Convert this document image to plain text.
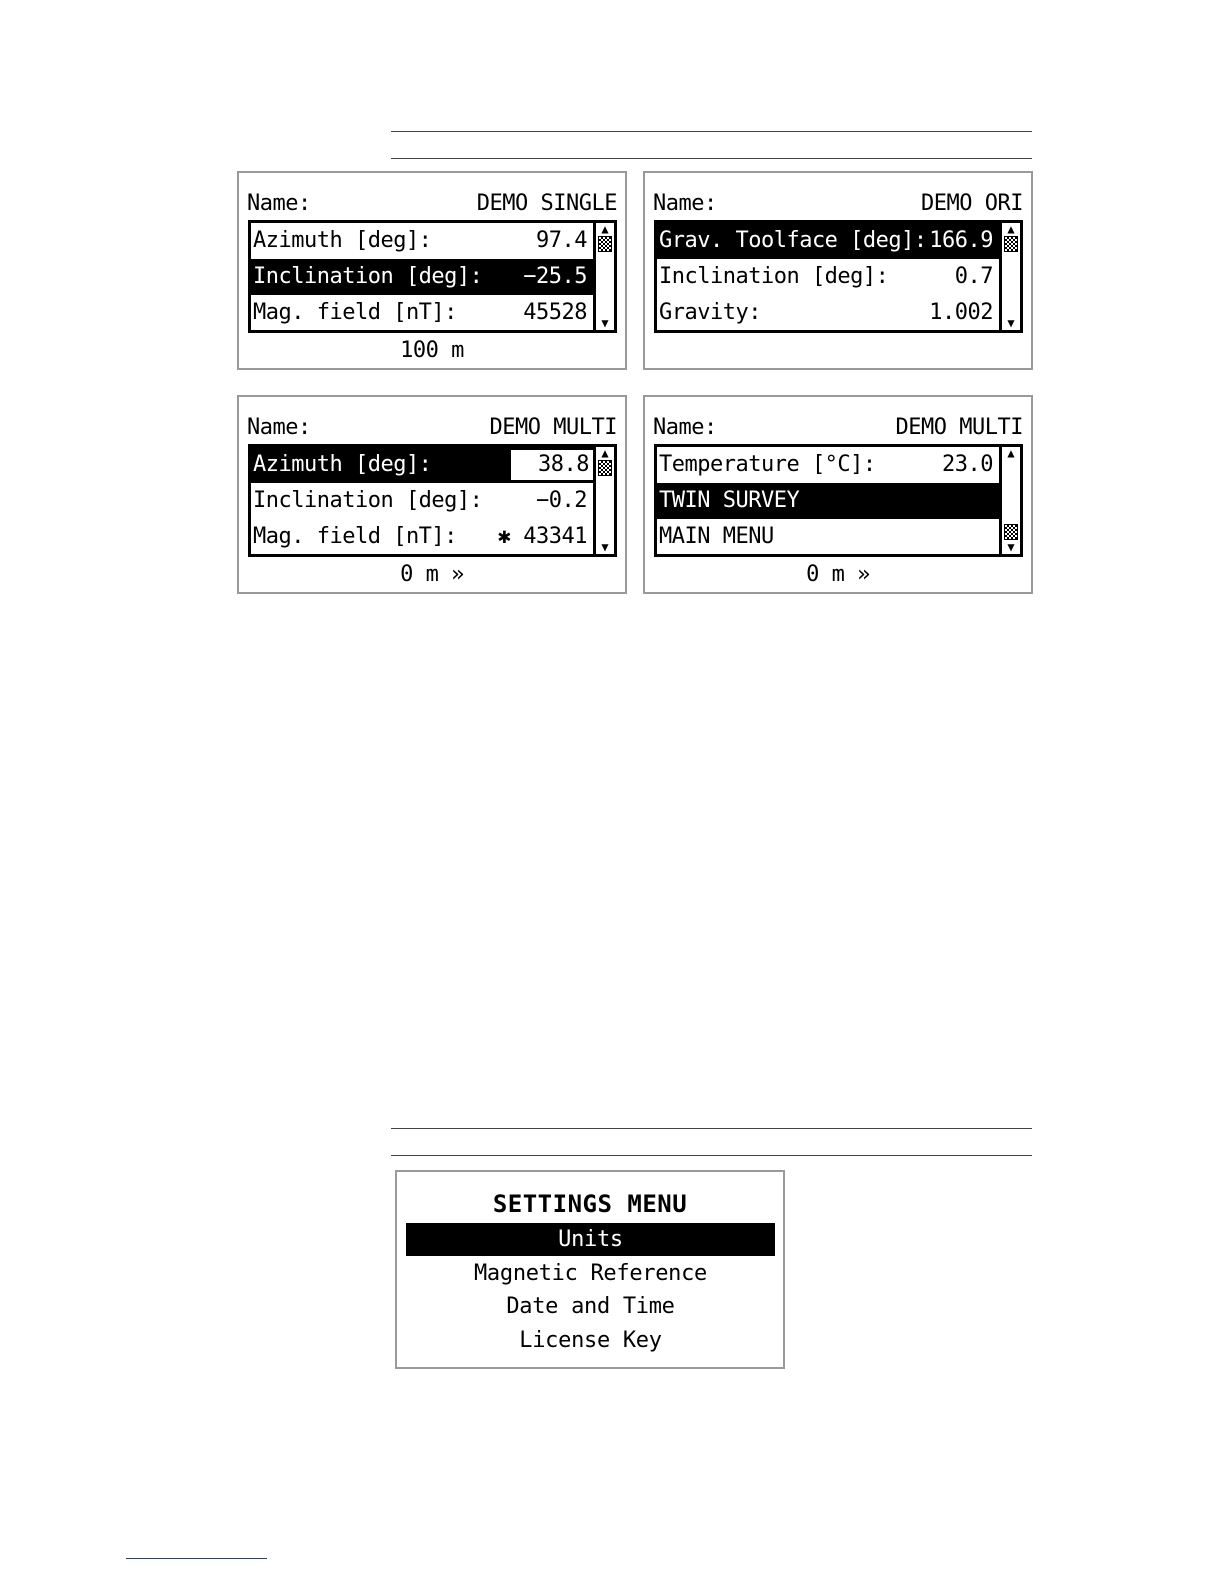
Name:	DEMO SINGLE
Azimuth [deg]:	97.4
Inclination [deg]: −25.5
Mag. field [nT]:	45528
▲
▼
100 m
Name:	DEMO ORI
Grav. Toolface [deg]: 166.9
Inclination [deg]:	0.7
Gravity:	1.002
▲
▼
Name:	DEMO MULTI
Azimuth [deg]:	38.8
Inclination [deg]: −0.2
Mag. field [nT]: ✱ 43341
▲
▼
0 m »
Name:	DEMO MULTI
Temperature [°C]:	23.0
TWIN SURVEY
MAIN MENU
▲
▼
0 m »
SETTINGS MENU
Units
Magnetic Reference
Date and Time
License Key
